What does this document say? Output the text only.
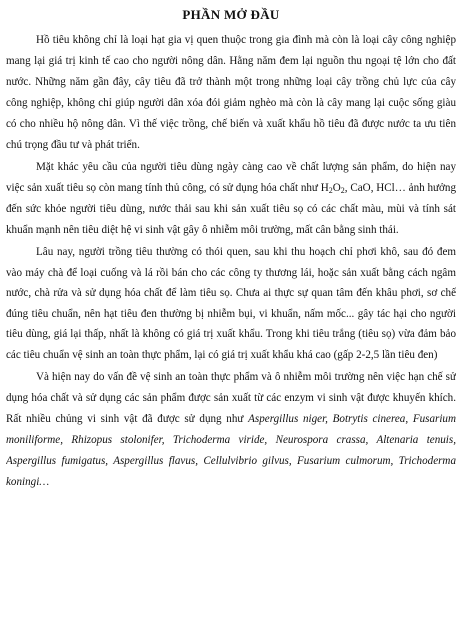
PHẦN MỞ ĐẦU

Hồ tiêu không chỉ là loại hạt gia vị quen thuộc trong gia đình mà còn là loại cây công nghiệp mang lại giá trị kinh tế cao cho người nông dân. Hằng năm đem lại nguồn thu ngoại tệ lớn cho đất nước. Những năm gần đây, cây tiêu đã trở thành một trong những loại cây trồng chủ lực của cây công nghiệp, không chỉ giúp người dân xóa đói giảm nghèo mà còn là cây mang lại cuộc sống giàu có cho nhiều hộ nông dân. Vì thế việc trồng, chế biến và xuất khẩu hồ tiêu đã được nước ta ưu tiên chú trọng đầu tư và phát triển.

Mặt khác yêu cầu của người tiêu dùng ngày càng cao về chất lượng sản phẩm, do hiện nay việc sản xuất tiêu sọ còn mang tính thủ công, có sử dụng hóa chất như $H_2O_2$, CaO, HCl… ảnh hưởng đến sức khỏe người tiêu dùng, nước thải sau khi sản xuất tiêu sọ có các chất màu, mùi và tính sát khuẩn mạnh nên tiêu diệt hệ vi sinh vật gây ô nhiễm môi trường, mất cân bằng sinh thái.

Lâu nay, người trồng tiêu thường có thói quen, sau khi thu hoạch chỉ phơi khô, sau đó đem vào máy chà để loại cuống và lá rồi bán cho các công ty thương lái, hoặc sản xuất bằng cách ngâm nước, chà rửa và sử dụng hóa chất để làm tiêu sọ. Chưa ai thực sự quan tâm đến khâu phơi, sơ chế đúng tiêu chuẩn, nên hạt tiêu đen thường bị nhiễm bụi, vi khuẩn, nấm mốc... gây tác hại cho người tiêu dùng, giá lại thấp, nhất là không có giá trị xuất khẩu. Trong khi tiêu trắng (tiêu sọ) vừa đảm bảo các tiêu chuẩn vệ sinh an toàn thực phẩm, lại có giá trị xuất khẩu khá cao (gấp 2-2,5 lần tiêu đen)

Và hiện nay do vấn đề vệ sinh an toàn thực phẩm và ô nhiễm môi trường nên việc hạn chế sử dụng hóa chất và sử dụng các sản phẩm được sản xuất từ các enzym vi sinh vật được khuyến khích. Rất nhiều chủng vi sinh vật đã được sử dụng như Aspergillus niger, Botrytis cinerea, Fusarium moniliforme, Rhizopus stolonifer, Trichoderma viride, Neurospora crassa, Altenaria tenuis, Aspergillus fumigatus, Aspergillus flavus, Cellulvibrio gilvus, Fusarium culmorum, Trichoderma koningi…
